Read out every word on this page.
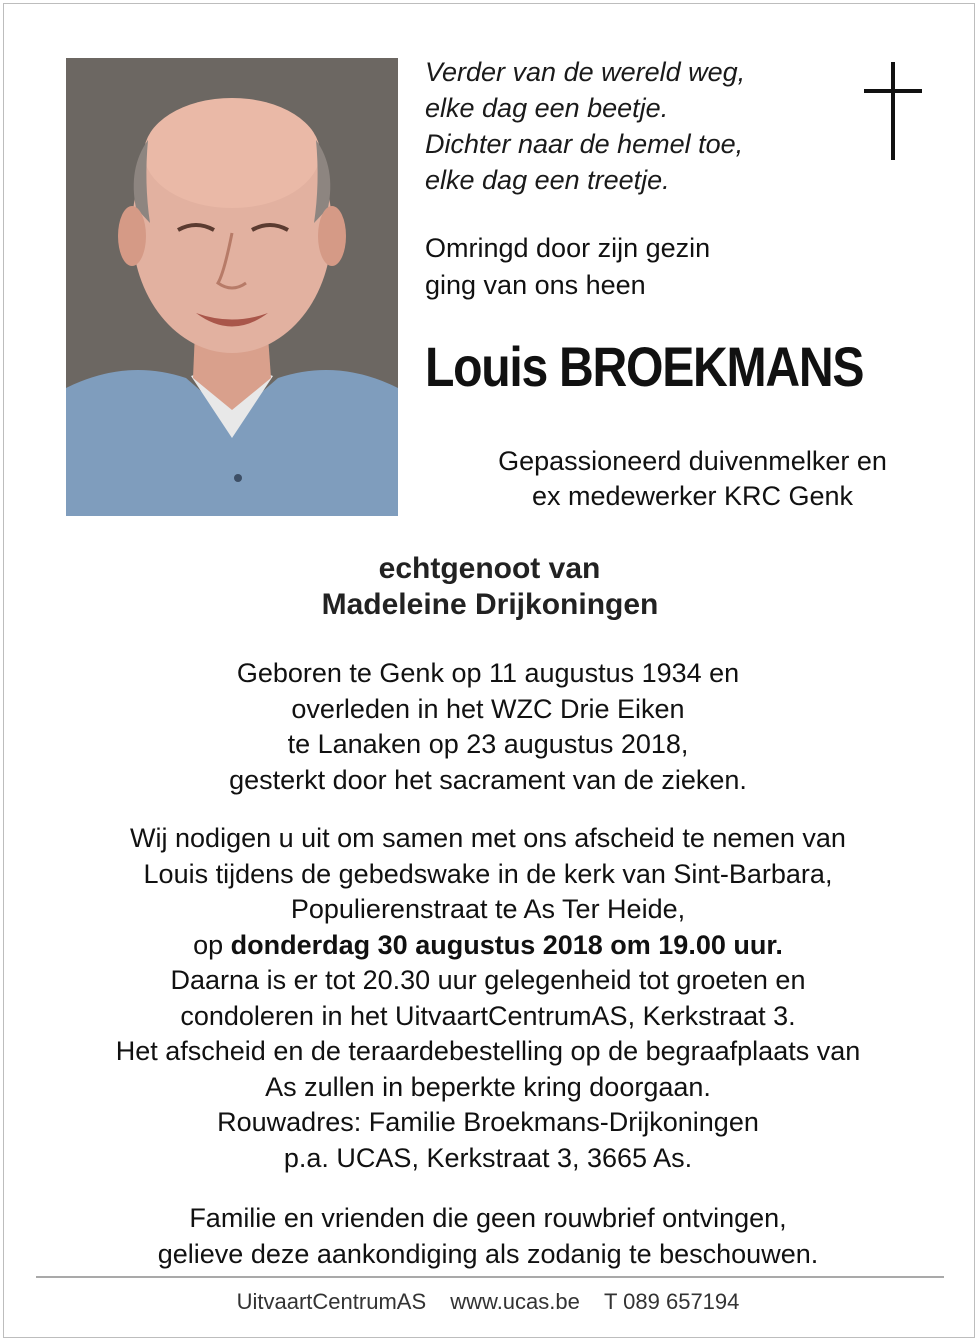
Verder van de wereld weg,
elke dag een beetje.
Dichter naar de hemel toe,
elke dag een treetje.
Omringd door zijn gezin
ging van ons heen
Louis BROEKMANS
Gepassioneerd duivenmelker en
ex medewerker KRC Genk
echtgenoot van
Madeleine Drijkoningen
Geboren te Genk op 11 augustus 1934 en
overleden in het WZC Drie Eiken
te Lanaken op 23 augustus 2018,
gesterkt door het sacrament van de zieken.
Wij nodigen u uit om samen met ons afscheid te nemen van
Louis tijdens de gebedswake in de kerk van Sint-Barbara,
Populierenstraat te As Ter Heide,
op donderdag 30 augustus 2018 om 19.00 uur.
Daarna is er tot 20.30 uur gelegenheid tot groeten en
condoleren in het UitvaartCentrumAS, Kerkstraat 3.
Het afscheid en de teraardebestelling op de begraafplaats van
As zullen in beperkte kring doorgaan.
Rouwadres: Familie Broekmans-Drijkoningen
p.a. UCAS, Kerkstraat 3, 3665 As.
Familie en vrienden die geen rouwbrief ontvingen,
gelieve deze aankondiging als zodanig te beschouwen.
UitvaartCentrumAS www.ucas.be T 089 657194
